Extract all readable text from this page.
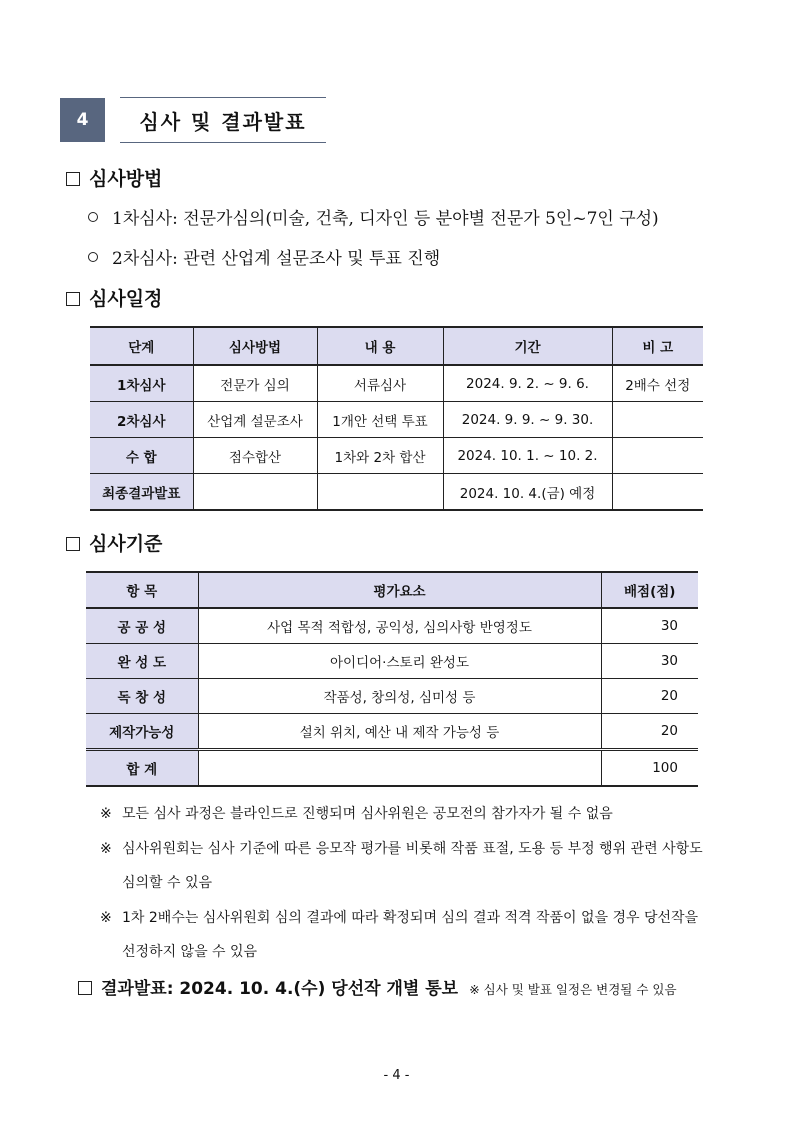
4	심사 및 결과발표
심사방법
1차심사: 전문가심의(미술, 건축, 디자인 등 분야별 전문가 5인~7인 구성)
2차심사: 관련 산업계 설문조사 및 투표 진행
심사일정
단계	심사방법	내 용	기간	비 고
1차심사	전문가 심의	서류심사	2024. 9. 2. ~ 9. 6.	2배수 선정
2차심사	산업계 설문조사	1개안 선택 투표	2024. 9. 9. ~ 9. 30.	
수 합	점수합산	1차와 2차 합산	2024. 10. 1. ~ 10. 2.	
최종결과발표			2024. 10. 4.(금) 예정	
심사기준
항 목	평가요소	배점(점)
공 공 성	사업 목적 적합성, 공익성, 심의사항 반영정도	30
완 성 도	아이디어·스토리 완성도	30
독 창 성	작품성, 창의성, 심미성 등	20
제작가능성	설치 위치, 예산 내 제작 가능성 등	20
합 계		100
※ 모든 심사 과정은 블라인드로 진행되며 심사위원은 공모전의 참가자가 될 수 없음
※ 심사위원회는 심사 기준에 따른 응모작 평가를 비롯해 작품 표절, 도용 등 부정 행위 관련 사항도
심의할 수 있음
※ 1차 2배수는 심사위원회 심의 결과에 따라 확정되며 심의 결과 적격 작품이 없을 경우 당선작을
선정하지 않을 수 있음
결과발표: 2024. 10. 4.(수) 당선작 개별 통보 ※ 심사 및 발표 일정은 변경될 수 있음
- 4 -
